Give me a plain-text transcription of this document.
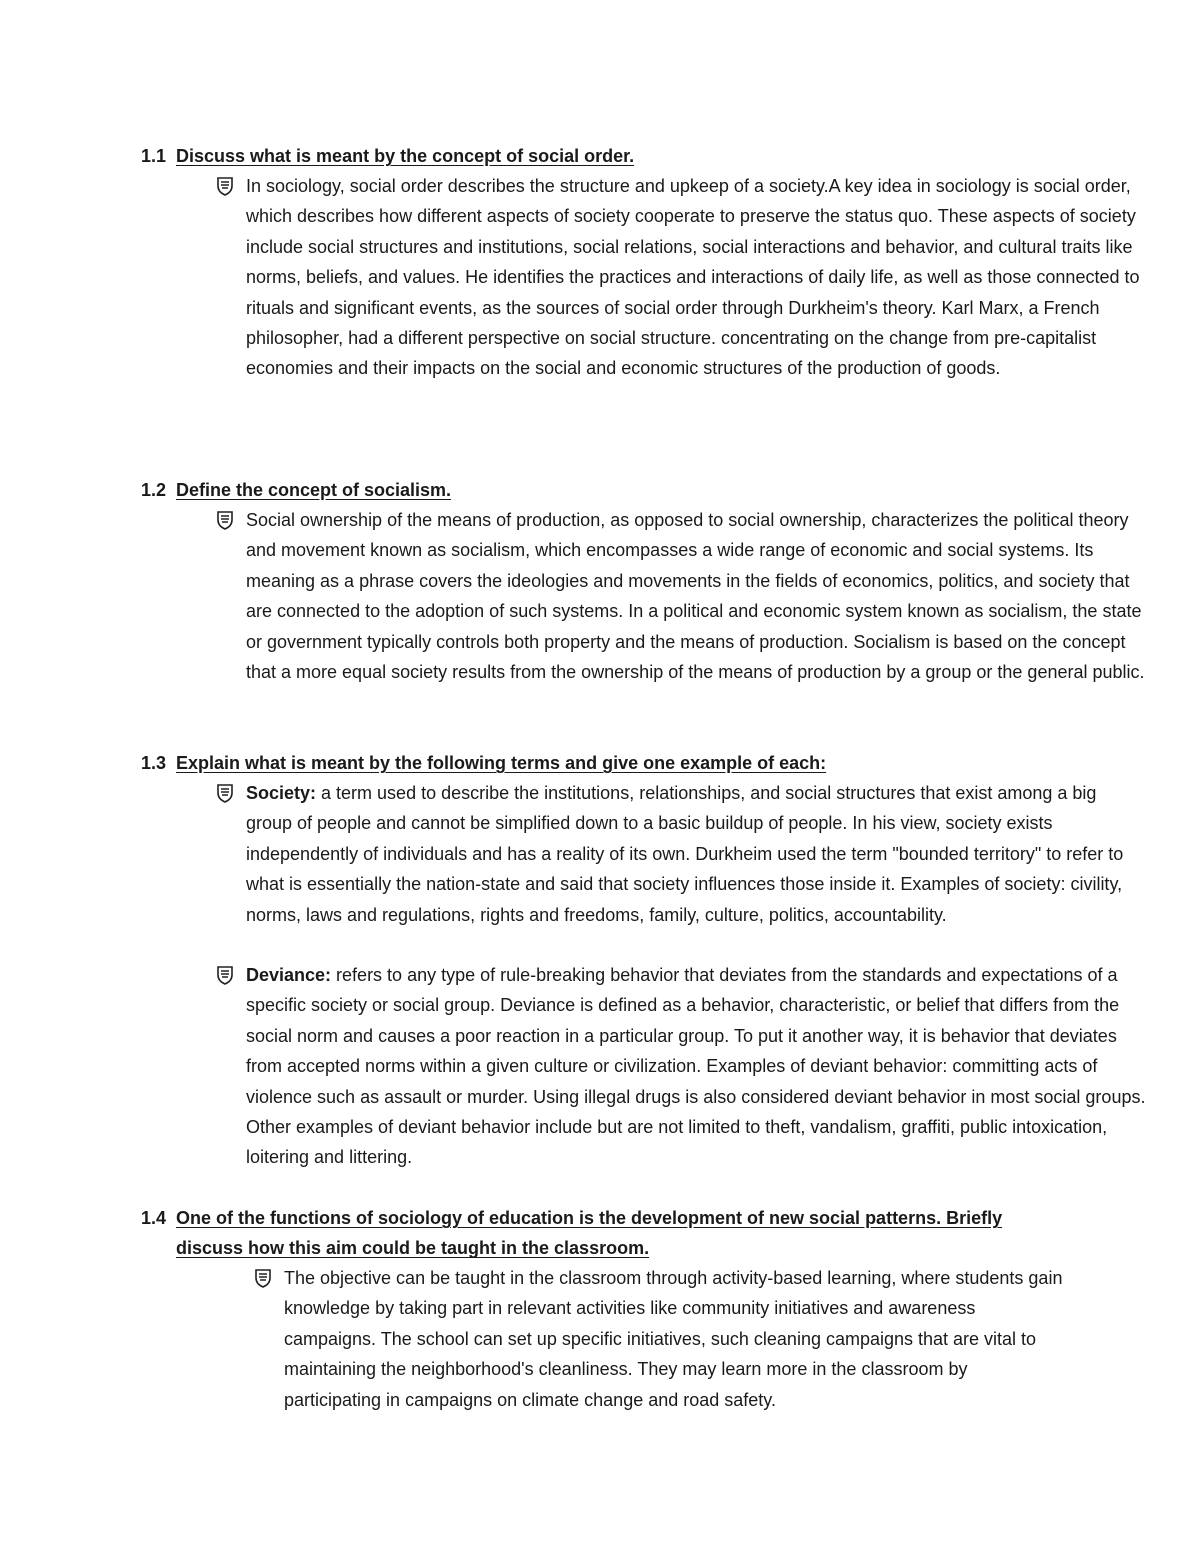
1.1 Discuss what is meant by the concept of social order.

In sociology, social order describes the structure and upkeep of a society.A key idea in sociology is social order, which describes how different aspects of society cooperate to preserve the status quo. These aspects of society include social structures and institutions, social relations, social interactions and behavior, and cultural traits like norms, beliefs, and values. He identifies the practices and interactions of daily life, as well as those connected to rituals and significant events, as the sources of social order through Durkheim's theory. Karl Marx, a French philosopher, had a different perspective on social structure. concentrating on the change from pre-capitalist economies and their impacts on the social and economic structures of the production of goods.

1.2 Define the concept of socialism.

Social ownership of the means of production, as opposed to social ownership, characterizes the political theory and movement known as socialism, which encompasses a wide range of economic and social systems. Its meaning as a phrase covers the ideologies and movements in the fields of economics, politics, and society that are connected to the adoption of such systems. In a political and economic system known as socialism, the state or government typically controls both property and the means of production. Socialism is based on the concept that a more equal society results from the ownership of the means of production by a group or the general public.

1.3 Explain what is meant by the following terms and give one example of each:

Society: a term used to describe the institutions, relationships, and social structures that exist among a big group of people and cannot be simplified down to a basic buildup of people. In his view, society exists independently of individuals and has a reality of its own. Durkheim used the term "bounded territory" to refer to what is essentially the nation-state and said that society influences those inside it. Examples of society: civility, norms, laws and regulations, rights and freedoms, family, culture, politics, accountability.

Deviance: refers to any type of rule-breaking behavior that deviates from the standards and expectations of a specific society or social group. Deviance is defined as a behavior, characteristic, or belief that differs from the social norm and causes a poor reaction in a particular group. To put it another way, it is behavior that deviates from accepted norms within a given culture or civilization. Examples of deviant behavior: committing acts of violence such as assault or murder. Using illegal drugs is also considered deviant behavior in most social groups. Other examples of deviant behavior include but are not limited to theft, vandalism, graffiti, public intoxication, loitering and littering.

1.4 One of the functions of sociology of education is the development of new social patterns. Briefly discuss how this aim could be taught in the classroom.

The objective can be taught in the classroom through activity-based learning, where students gain knowledge by taking part in relevant activities like community initiatives and awareness campaigns. The school can set up specific initiatives, such cleaning campaigns that are vital to maintaining the neighborhood's cleanliness. They may learn more in the classroom by participating in campaigns on climate change and road safety.
